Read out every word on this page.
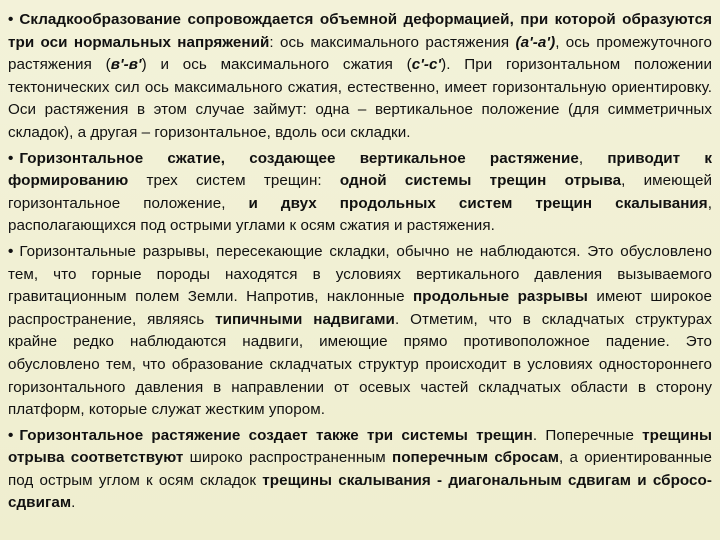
• Складкообразование сопровождается объемной деформацией, при которой образуются три оси нормальных напряжений: ось максимального растяжения (a'-a'), ось промежуточного растяжения (в'-в') и ось максимального сжатия (с'-с'). При горизонтальном положении тектонических сил ось максимального сжатия, естественно, имеет горизонтальную ориентировку. Оси растяжения в этом случае займут: одна – вертикальное положение (для симметричных складок), а другая – горизонтальное, вдоль оси складки.

• Горизонтальное сжатие, создающее вертикальное растяжение, приводит к формированию трех систем трещин: одной системы трещин отрыва, имеющей горизонтальное положение, и двух продольных систем трещин скалывания, располагающихся под острыми углами к осям сжатия и растяжения.

• Горизонтальные разрывы, пересекающие складки, обычно не наблюдаются. Это обусловлено тем, что горные породы находятся в условиях вертикального давления вызываемого гравитационным полем Земли. Напротив, наклонные продольные разрывы имеют широкое распространение, являясь типичными надвигами. Отметим, что в складчатых структурах крайне редко наблюдаются надвиги, имеющие прямо противоположное падение. Это обусловлено тем, что образование складчатых структур происходит в условиях одностороннего горизонтального давления в направлении от осевых частей складчатых области в сторону платформ, которые служат жестким упором.

• Горизонтальное растяжение создает также три системы трещин. Поперечные трещины отрыва соответствуют широко распространенным поперечным сбросам, а ориентированные под острым углом к осям складок трещины скалывания - диагональным сдвигам и сбросо-сдвигам.
